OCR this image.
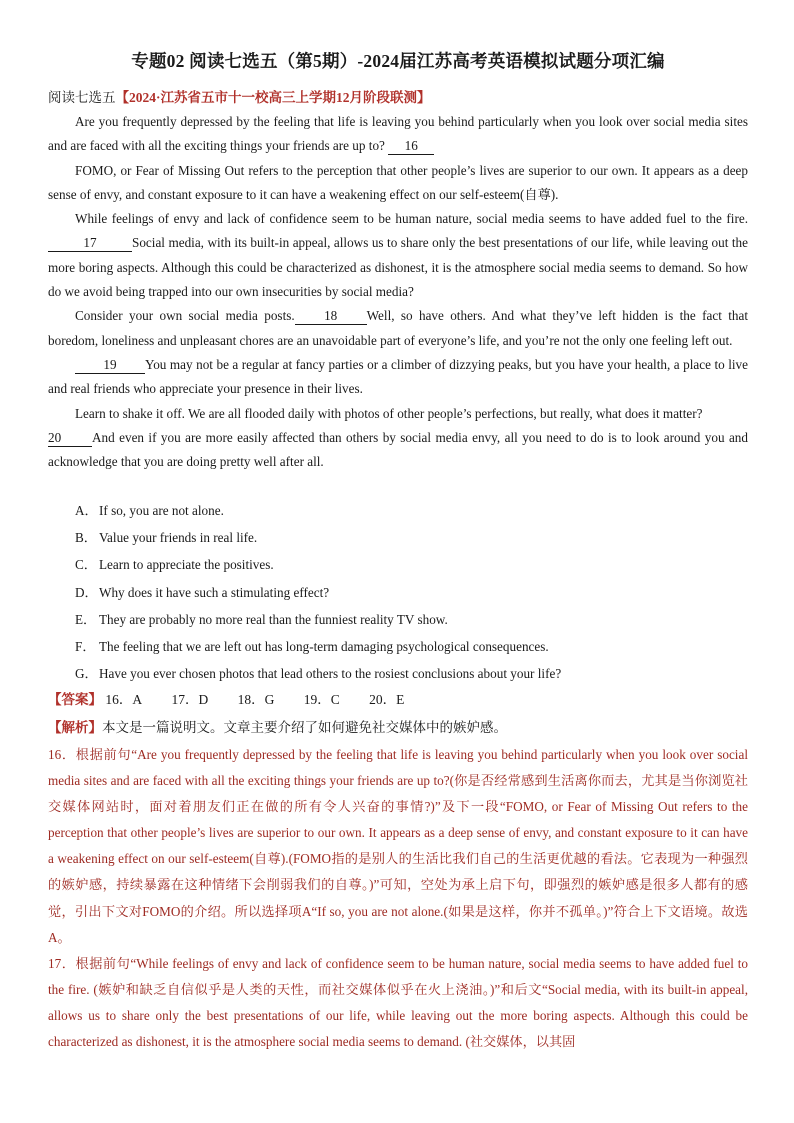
专题02 阅读七选五（第5期）-2024届江苏高考英语模拟试题分项汇编
阅读七选五【2024·江苏省五市十一校高三上学期12月阶段联测】

Are you frequently depressed by the feeling that life is leaving you behind particularly when you look over social media sites and are faced with all the exciting things your friends are up to? 16

FOMO, or Fear of Missing Out refers to the perception that other people’s lives are superior to our own. It appears as a deep sense of envy, and constant exposure to it can have a weakening effect on our self-esteem(自尊).

While feelings of envy and lack of confidence seem to be human nature, social media seems to have added fuel to the fire.17	Social media, with its built-in appeal, allows us to share only the best presentations of our life, while leaving out the more boring aspects. Although this could be characterized as dishonest, it is the atmosphere social media seems to demand. So how do we avoid being trapped into our own insecurities by social media?

Consider your own social media posts. 18 Well, so have others. And what they’ve left hidden is the fact that boredom, loneliness and unpleasant chores are an unavoidable part of everyone’s life, and you’re not the only one feeling left out.

19 You may not be a regular at fancy parties or a climber of dizzying peaks, but you have your health, a place to live and real friends who appreciate your presence in their lives.

Learn to shake it off. We are all flooded daily with photos of other people’s perfections, but really, what does it matter?

20 And even if you are more easily affected than others by social media envy, all you need to do is to look around you and acknowledge that you are doing pretty well after all.

A．If so, you are not alone.
B． Value your friends in real life.
C． Learn to appreciate the positives.
D．Why does it have such a stimulating effect?
E． They are probably no more real than the funniest reality TV show.
F． The feeling that we are left out has long-term damaging psychological consequences.
G．Have you ever chosen photos that lead others to the rosiest conclusions about your life?
【答案】 16．A 17．D 18．G 19．C 20．E
【解析】本文是一篇说明文。文章主要介绍了如何避免社交媒体中的嫉妒感。

16．根据前句“Are you frequently depressed by the feeling that life is leaving you behind particularly when you look over social media sites and are faced with all the exciting things your friends are up to?(你是否经常感到生活离你而去，尤其是当你浏览社交媒体网站时，面对着朋友们正在做的所有令人兴奋的事情?)”及下一段“FOMO, or Fear of Missing Out refers to the perception that other people’s lives are superior to our own. It appears as a deep sense of envy, and constant exposure to it can have a weakening effect on our self-esteem(自尊).(FOMO指的是别人的生活比我们自己的生活更优越的看法。它表现为一种强烈的嫉妒感，持续暴露在这种情绪下会削弱我们的自尊。)”可知，空处为承上启下句，即强烈的嫉妒感是很多人都有的感觉，引出下文对FOMO的介绍。所以选择项A“If so, you are not alone.(如果是这样，你并不孤单。)”符合上下文语境。故选A。

17．根据前句“While feelings of envy and lack of confidence seem to be human nature, social media seems to have added fuel to the fire. (嫉妒和缺乏自信似乎是人类的天性，而社交媒体似乎在火上浇油。)”和后文“Social media, with its built-in appeal, allows us to share only the best presentations of our life, while leaving out the more boring aspects. Although this could be characterized as dishonest, it is the atmosphere social media seems to demand. (社交媒体，以其固
